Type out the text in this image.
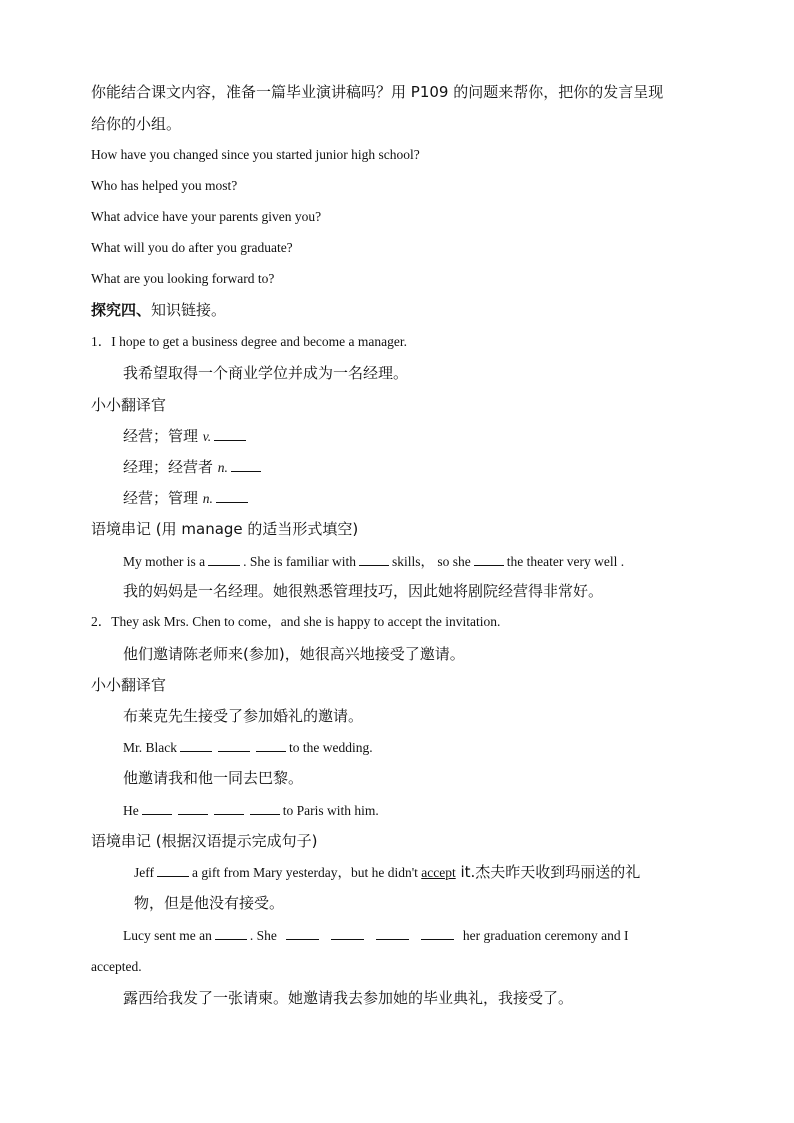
你能结合课文内容，准备一篇毕业演讲稿吗？用 P109 的问题来帮你，把你的发言呈现
给你的小组。
How have you changed since you started junior high school?
Who has helped you most?
What advice have your parents given you?
What will you do after you graduate?
What are you looking forward to?
探究四、知识链接。
1．I hope to get a business degree and become a manager.
我希望取得一个商业学位并成为一名经理。
小小翻译官
经营；管理 v.
经理；经营者 n.
经营；管理 n.
语境串记 (用 manage 的适当形式填空)
My mother is a	. She is familiar with	skills， so she	the theater very well .
我的妈妈是一名经理。她很熟悉管理技巧，因此她将剧院经营得非常好。
2．They ask Mrs. Chen to come，and she is happy to accept the invitation.
他们邀请陈老师来(参加)，她很高兴地接受了邀请。
小小翻译官
布莱克先生接受了参加婚礼的邀请。
Mr. Black	to the wedding.
他邀请我和他一同去巴黎。
He	to Paris with him.
语境串记 (根据汉语提示完成句子)
Jeff	a gift from Mary yesterday，but he didn't accept it.杰夫昨天收到玛丽送的礼
物，但是他没有接受。
Lucy sent me an	. She	her graduation ceremony and I
accepted.
露西给我发了一张请柬。她邀请我去参加她的毕业典礼，我接受了。
